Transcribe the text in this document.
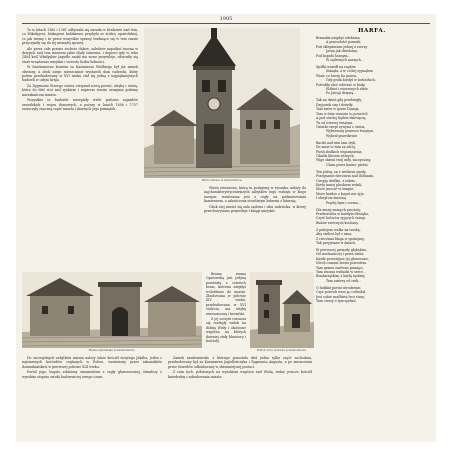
1905

To w latach 1360 i 1361 odbywała się narada w Krakowie nad tem, co Mikołajowi, biskupowi kaliskiemu przybyło ze stolicy apostolskiej, co jak wiemy i że przez wszystkie sprawy trudniące się w tem czasie przyczyniły się do tej niemałej sprawy.

Ale przez całe prawie stulecie dalsze, zaledwie napotkać można w dziejach nad tem miastem jakie ślady istnienia, i dopiero gdy w roku 1404 król Władysław Jagiełło nadał mu nowe przywileje, odnowiły się stare urządzenia miejskie i wzrosła liczba ludności.

W Sandomierzu bowiem za Kazimierza Wielkiego był już zamek obronny, a obok niego mieszczanie wystawili dom radzecki, który potem przebudowany w XVI wieku stał się jedną z najpiękniejszych budowli w całym kraju.

Za Zygmunta Starego ratusz otrzymał nową postać, attykę i wieżę, która do dziś stoi nad rynkiem i zegarem swoim oznajmia godziny mieszkańcom miasta.

Wszystkie te budowle ucierpiały wiele podczas najazdów szwedzkich i wojen domowych, a pożary w latach 1656 i 1757 zniszczyły znaczną część miasta i dawnych jego pamiątek.

Wieża ratusza w Sandomierzu.

Wieża ratuszowa, którą tu podajemy w rysunku, należy do najcharakterystyczniejszych zabytków tego rodzaju w kraju naszym; wzniesiona jest z cegły na podmurowaniu kamiennem, a zakończona strzelistym hełmem z latarnią.

Obok niej mieści się sala sądowa i izba radziecka, w której przechowywano przywileje i księgi miejskie.

HARFA.
Brzmiała niegdyś zdobiona,
A przeszłości pomnik,
Pod sklepieniem jednej z rzeczy
Jasna jak dziedzina,
Pod kopuła hoznym...
W sędziwych naszych...
Spółki wszedł na rzędzie
Stanęła, a w cichej sypnąłem
Wiatr co huczy ku ponen,
Gdy grała kiedyś w kościołach,
Potrafiła choć uderzać w biały,
Elżbiet i wierzonych zbiór.
Po Jatraji dziąwą...
Tak na dzień gdy przebiegły,
Dzyjonek cisy i dziwiły.
Tam znów w gorze Dunaja,
Tam w dnia cienisto to powrócił.
A pod staśtej będzie dziesięcią,
Tu od wierzej świątyni,
Ostatki cierpi żywymi z cienia,
Wybrawszy prawsze świątyni,
Wybrał prawdziwie.
Bacibi nad nim tam tryb,
Do mnie to tam za zdrój,
Pieśń słodkich wspomnienia,
Obadzi kłosem różnych,
Wige skroni twój miły, zaczyniony,
Cham przez koniec pieśni.
Ten późny, on z wiekiem zgody,
Pożegnanie dzwonem nad dolinami,
Cierpię słodkie, z żalem,
Kiedy mniej pluskiem wołali,
Może jeszcze w tempie,
Może bardzo o kogoś nie żyje.
I złożył im śnieżną,
Prędej bym i czemu...
Dla mniej znanych prostoty,
Przekształca w każdym dźwięku,
Czyść kolorów żyjących śniegi,
Budzie rzewnych kochany.
Z pokojem walka na troskę,
Aby szelest był z rana,
Z rzeczami błaga w spokojnej,
Tak przyjemne w dalach.
W pierwszej gwiazdy głębokim,
Od mechaniczej i przez nieba
Każde pewniejsze jej głosowane,
Niech czasem brzmi powrotem.
Tam grania zarówno pamięci,
Tam wiosna wzbudzi w serce...
Bondarzętkim, z harfą tęsknej,
Tam szmery od rzek...
O ludzkie pieśni utrudzenie,
Czyż pozwoli wam ją i odwołał
Jest sobie modlitwą lecz stary,
Tam cieszy o tym spełnić.
Brama Opatowska w Sandomierzu.

Brama zwana Opatowską jest jedyną pozostałą z czterech bram, któremi niegdyś wchodzono do miasta. Zbudowana w połowie XIV wieku, przebudowana w XVI stuleciu, ma attykę renesansową i krenelaż.

Z jej szczytu roztacza się rozległy widok na dolinę Wisły i okoliczne wzgórza, na których dawniej stały klasztory i kościoły.

Widok ruin i kościoła w Sandomierzu.

Do szczególnych zabytków miasta należy także kościół świętego Jakóba, jeden z najstarszych kościołów ceglanych w Polsce, wzniesiony przez zakonników dominikańskich w pierwszej połowie XIII wieku.

Portal jego, bogato zdobiony ornamentem z cegły glazurowanej, świadczy o wysokim stopniu sztuki budowniczej owego czasu.

Zamek sandomierski, z którego pozostała dziś jedna tylko część zachodnia, przebudowany był za Kazimierza Jagiellończyka i Zygmunta Augusta, a po zniszczeniu przez Szwedów odbudowany w skromniejszej postaci.

Z ruin tych, położonych na wysokiem wzgórzu nad Wisłą, widać jeszcze kościół katedralny i zabudowania miasta.
